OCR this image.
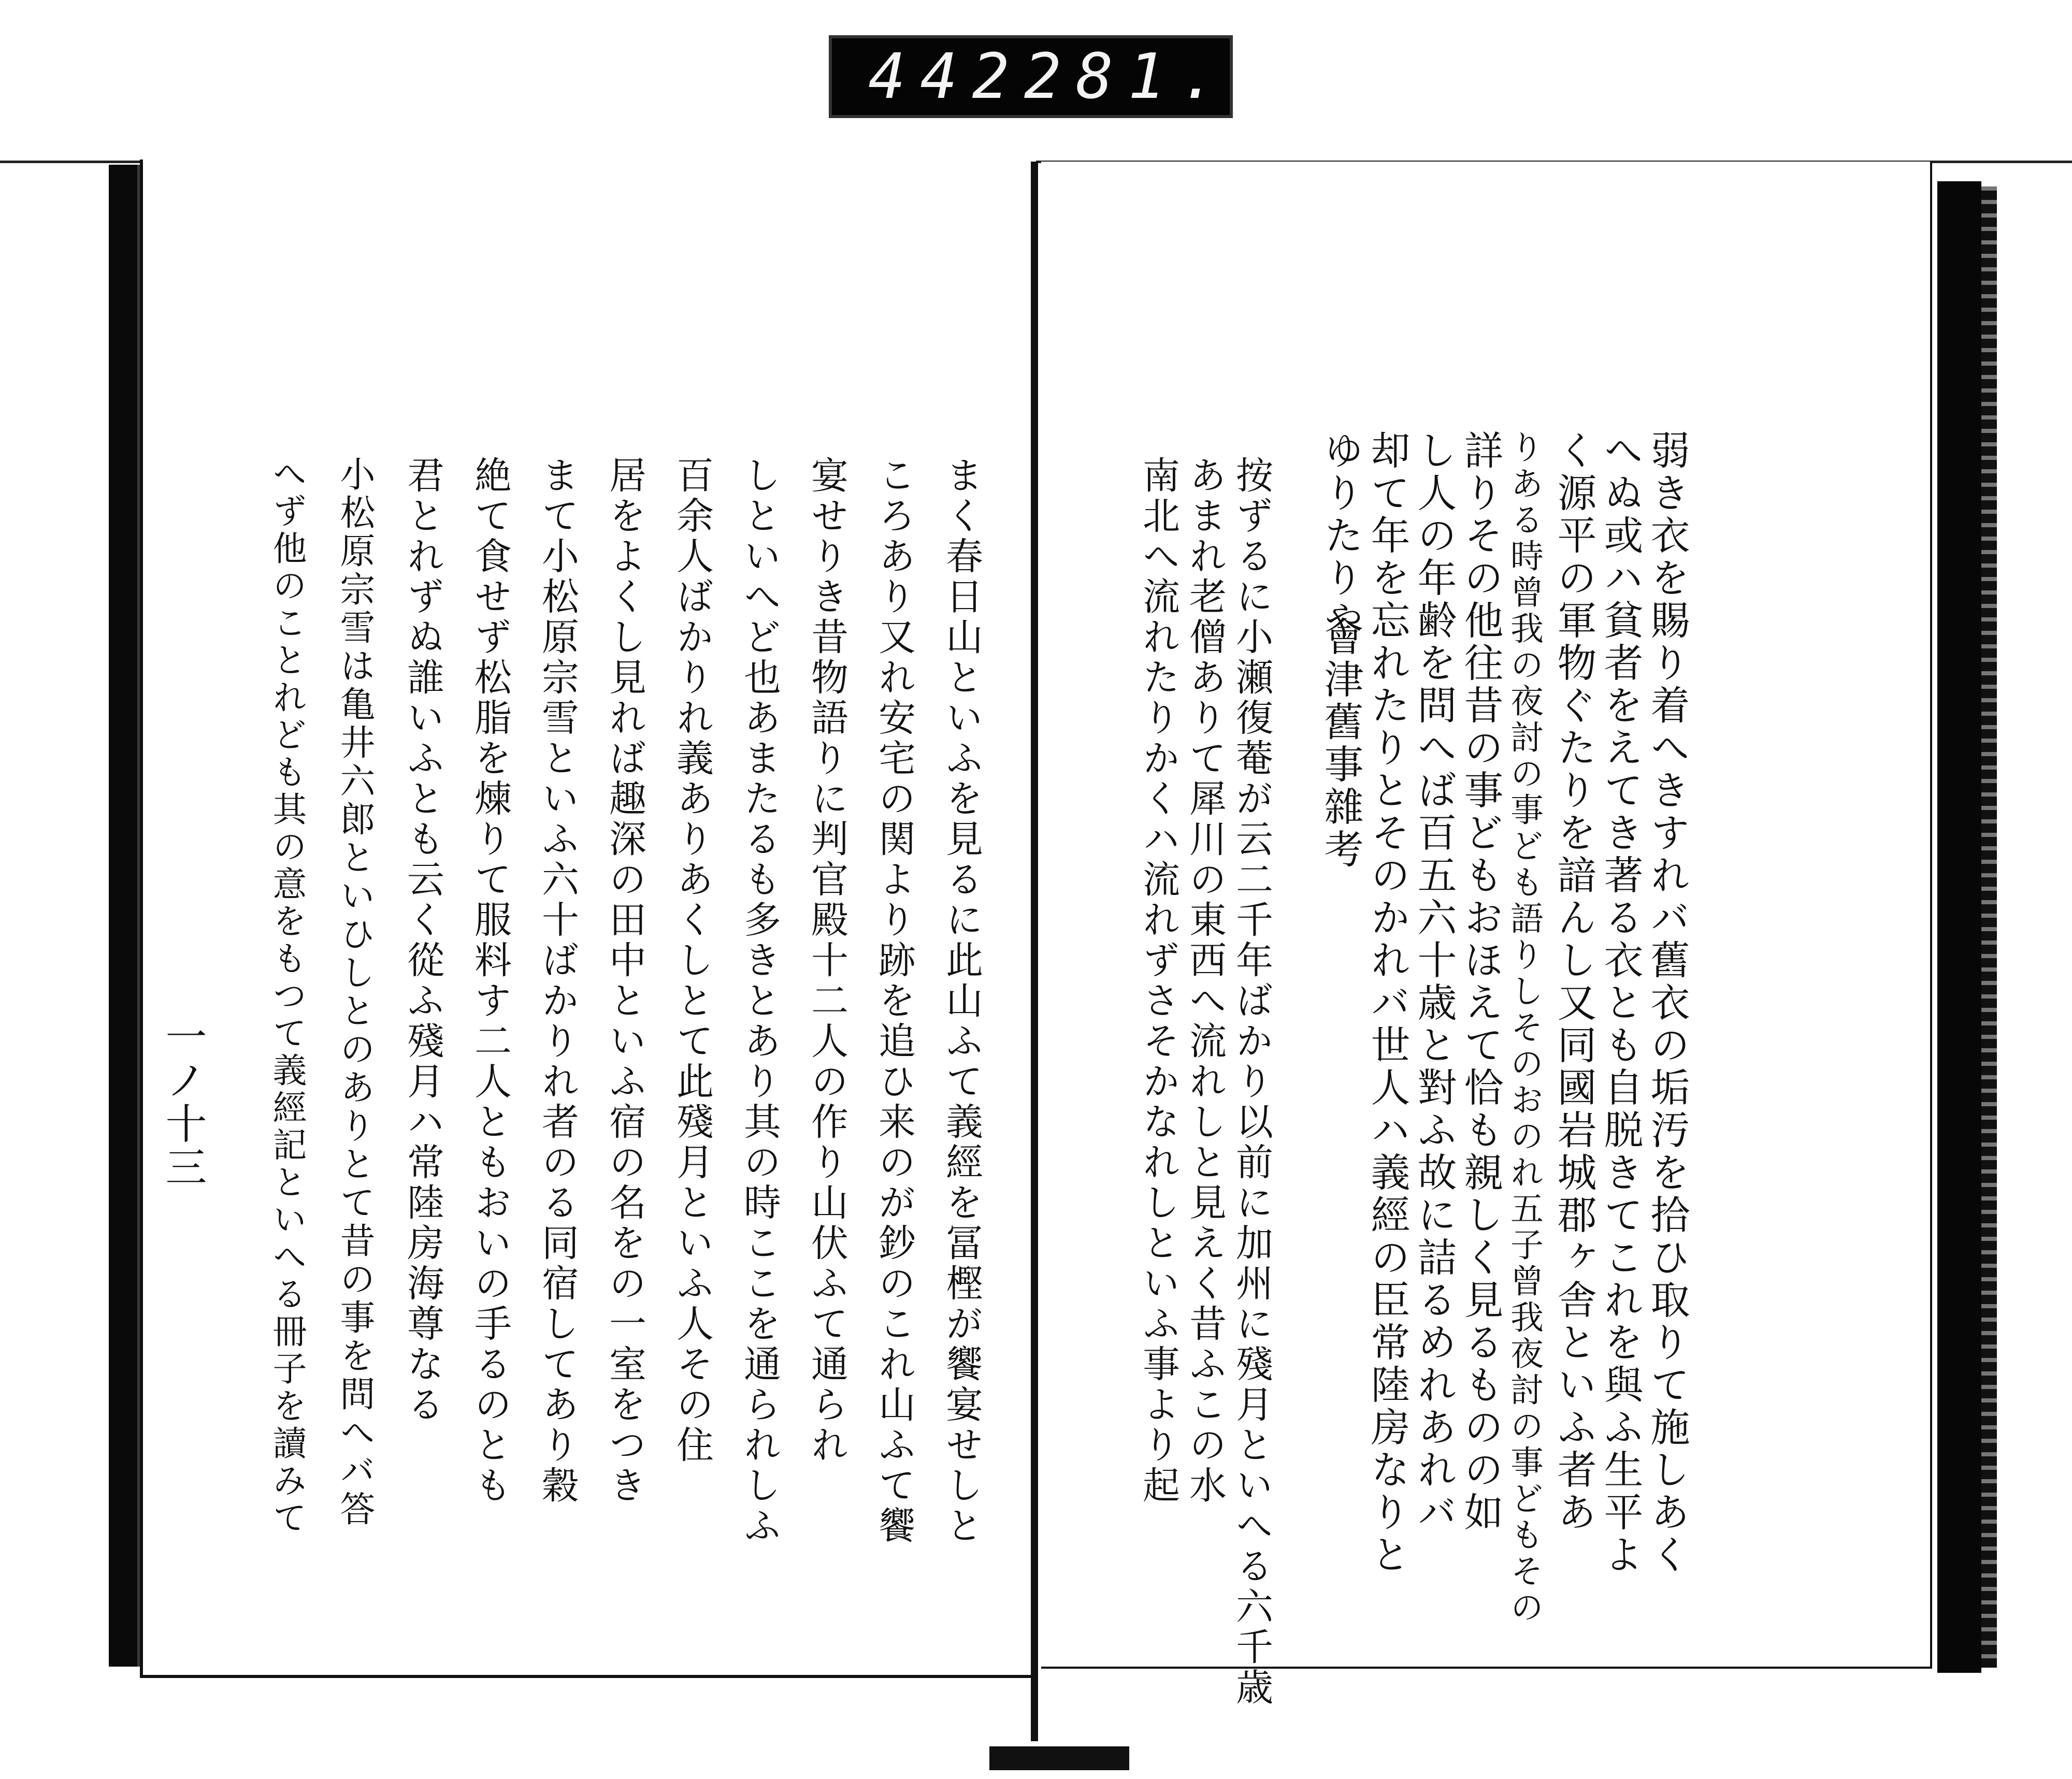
442 281.
弱き衣を賜り着へきすれバ舊衣の垢汚を拾ひ取りて施しあく
へぬ或ハ貧者をえてき著る衣とも自脱きてこれを與ふ生平よ
く源平の軍物ぐたりを諳んし又同國岩城郡ヶ舎といふ者あ
りある時曾我の夜討の事ども語りしそのおのれ五子曾我夜討の事どもその
詳りその他往昔の事どもおほえて恰も親しく見るものの如
し人の年齢を問へば百五六十歳と對ふ故に詰るめれあれバ
却て年を忘れたりとそのかれバ世人ハ義經の臣常陸房なりと
ゆりたりや
會津舊事雜考
按ずるに小瀬復菴が云二千年ばかり以前に加州に殘月といへる六千歳
あまれ老僧ありて犀川の東西へ流れしと見えく昔ふこの水
南北へ流れたりかくハ流れずさそかなれしといふ事より起
まく春日山といふを見るに此山ふて義經を冨樫が饗宴せしと
ころあり又れ安宅の関より跡を追ひ来のが鈔のこれ山ふて饗
宴せりき昔物語りに判官殿十二人の作り山伏ふて通られ
しといへど也あまたるも多きとあり其の時ここを通られしふ
百余人ばかりれ義ありあくしとて此殘月といふ人その住
居をよくし見れば趣深の田中といふ宿の名をの一室をつき
まて小松原宗雪といふ六十ばかりれ者のる同宿してあり穀
絶て食せず松脂を煉りて服料す二人ともおいの手るのとも
君とれずぬ誰いふとも云く從ふ殘月ハ常陸房海尊なる
小松原宗雪は亀井六郎といひしとのありとて昔の事を問へバ答
へず他のことれども其の意をもつて義經記といへる冊子を讀みて
一ノ十三
